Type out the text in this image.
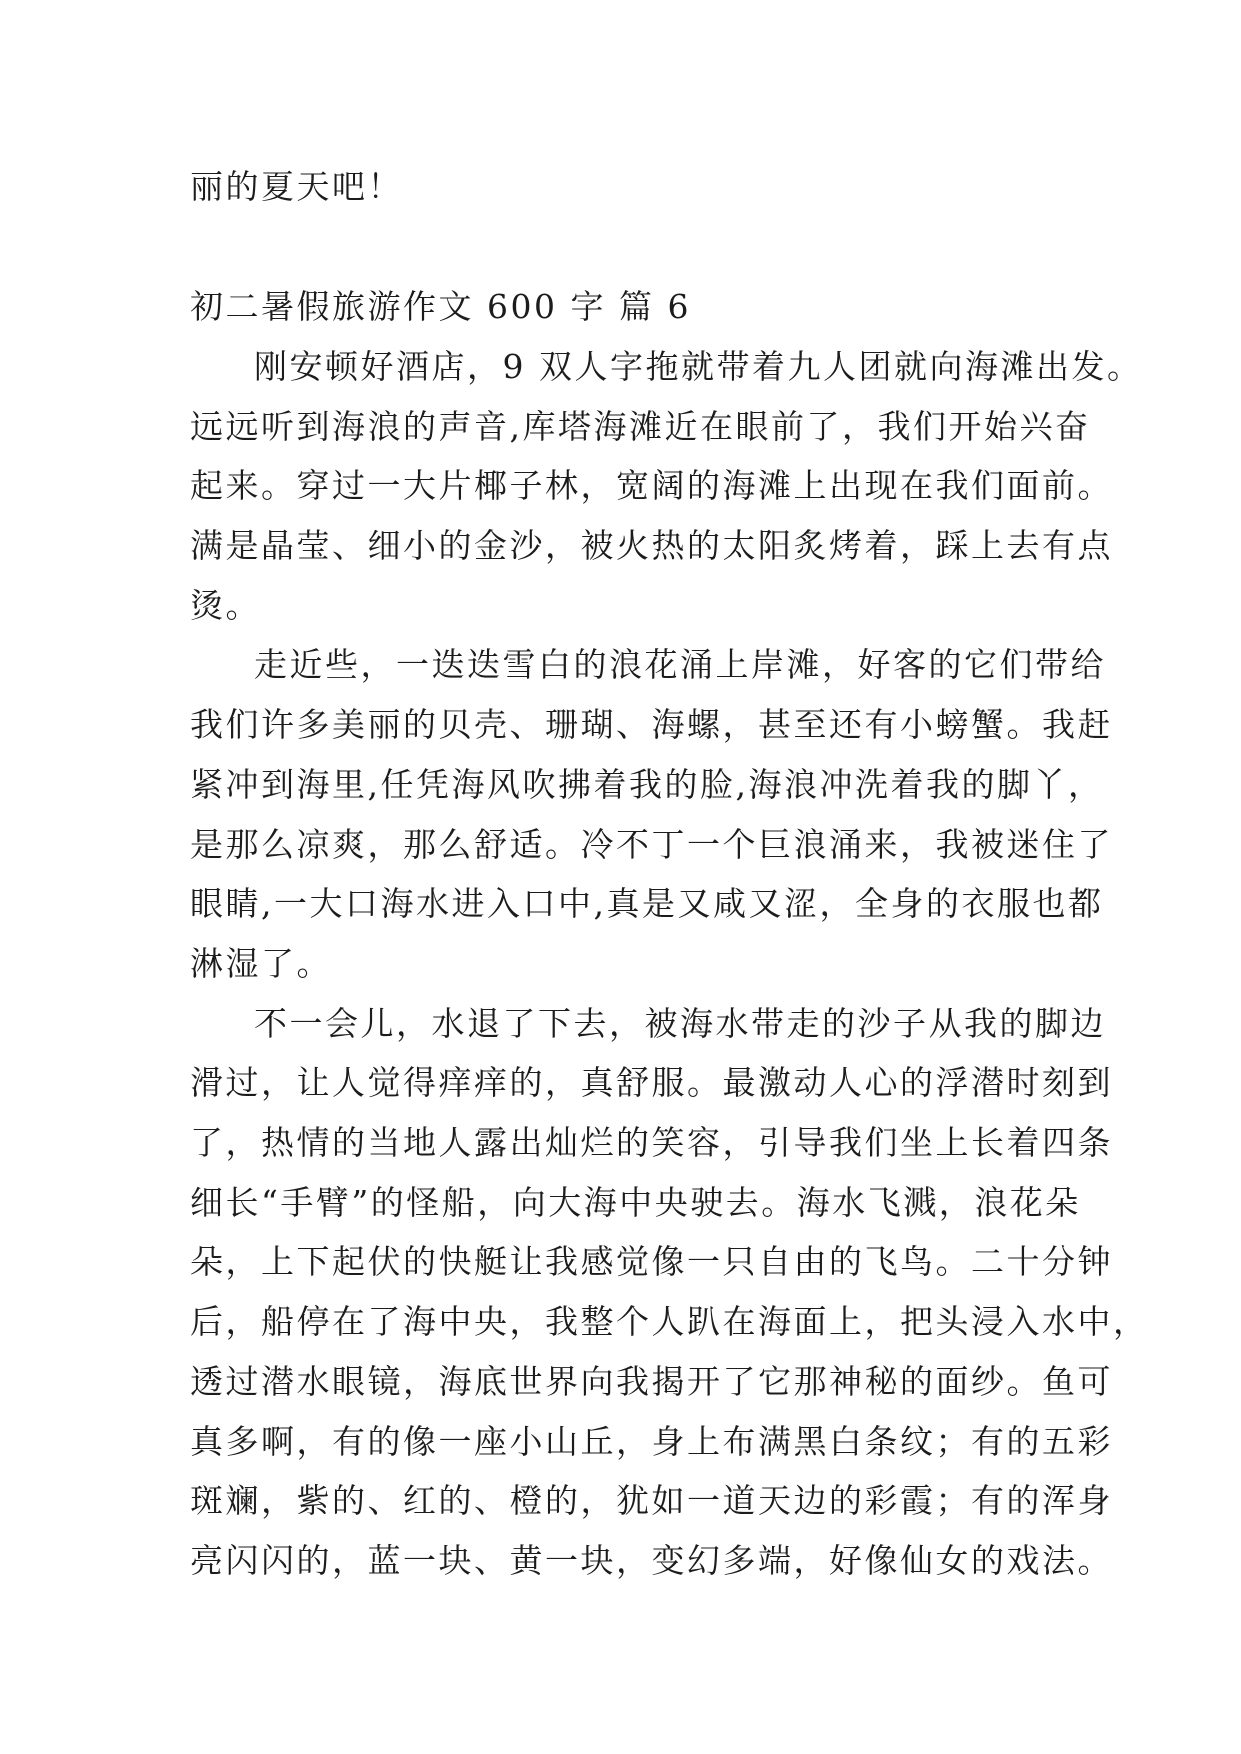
丽的夏天吧！
初二暑假旅游作文 600 字 篇 6
刚安顿好酒店，9 双人字拖就带着九人团就向海滩出发。
远远听到海浪的声音,库塔海滩近在眼前了，我们开始兴奋
起来。穿过一大片椰子林，宽阔的海滩上出现在我们面前。
满是晶莹、细小的金沙，被火热的太阳炙烤着，踩上去有点
烫。
走近些，一迭迭雪白的浪花涌上岸滩，好客的它们带给
我们许多美丽的贝壳、珊瑚、海螺，甚至还有小螃蟹。我赶
紧冲到海里,任凭海风吹拂着我的脸,海浪冲洗着我的脚丫，
是那么凉爽，那么舒适。冷不丁一个巨浪涌来，我被迷住了
眼睛,一大口海水进入口中,真是又咸又涩，全身的衣服也都
淋湿了。
不一会儿，水退了下去，被海水带走的沙子从我的脚边
滑过，让人觉得痒痒的，真舒服。最激动人心的浮潜时刻到
了，热情的当地人露出灿烂的笑容，引导我们坐上长着四条
细长“手臂”的怪船，向大海中央驶去。海水飞溅，浪花朵
朵，上下起伏的快艇让我感觉像一只自由的飞鸟。二十分钟
后，船停在了海中央，我整个人趴在海面上，把头浸入水中，
透过潜水眼镜，海底世界向我揭开了它那神秘的面纱。鱼可
真多啊，有的像一座小山丘，身上布满黑白条纹；有的五彩
斑斓，紫的、红的、橙的，犹如一道天边的彩霞；有的浑身
亮闪闪的，蓝一块、黄一块，变幻多端，好像仙女的戏法。
